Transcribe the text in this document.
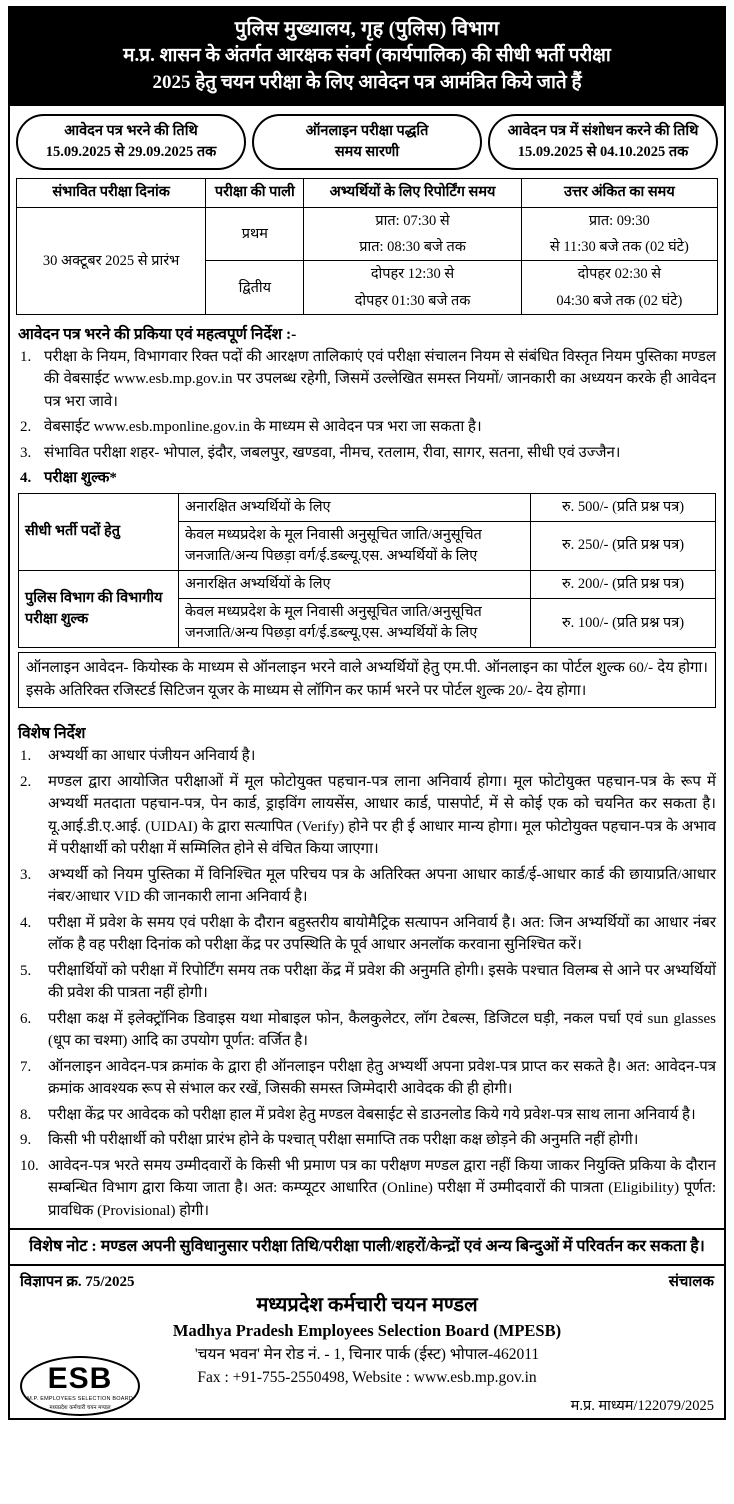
पुलिस मुख्यालय, गृह (पुलिस) विभाग
म.प्र. शासन के अंतर्गत आरक्षक संवर्ग (कार्यपालिक) की सीधी भर्ती परीक्षा
2025 हेतु चयन परीक्षा के लिए आवेदन पत्र आमंत्रित किये जाते हैं
आवेदन पत्र भरने की तिथि
15.09.2025 से 29.09.2025 तक
ऑनलाइन परीक्षा पद्धति
समय सारणी
आवेदन पत्र में संशोधन करने की तिथि
15.09.2025 से 04.10.2025 तक
संभावित परीक्षा दिनांक	परीक्षा की पाली	अभ्यर्थियों के लिए रिपोर्टिंग समय	उत्तर अंकित का समय
30 अक्टूबर 2025 से प्रारंभ	प्रथम	प्रात: 07:30 से	प्रात: 09:30
		प्रात: 08:30 बजे तक	से 11:30 बजे तक (02 घंटे)
	द्वितीय	दोपहर 12:30 से	दोपहर 02:30 से
		दोपहर 01:30 बजे तक	04:30 बजे तक (02 घंटे)
आवेदन पत्र भरने की प्रकिया एवं महत्वपूर्ण निर्देश :-
परीक्षा के नियम, विभागवार रिक्त पदों की आरक्षण तालिकाएं एवं परीक्षा संचालन नियम से संबंधित विस्तृत नियम पुस्तिका मण्डल की वेबसाईट www.esb.mp.gov.in पर उपलब्ध रहेगी, जिसमें उल्लेखित समस्त नियमों/ जानकारी का अध्ययन करके ही आवेदन पत्र भरा जावे।
वेबसाईट www.esb.mponline.gov.in के माध्यम से आवेदन पत्र भरा जा सकता है।
संभावित परीक्षा शहर- भोपाल, इंदौर, जबलपुर, खण्डवा, नीमच, रतलाम, रीवा, सागर, सतना, सीधी एवं उज्जैन।
परीक्षा शुल्क*
सीधी भर्ती पदों हेतु	अनारक्षित अभ्यर्थियों के लिए	रु. 500/- (प्रति प्रश्न पत्र)
	केवल मध्यप्रदेश के मूल निवासी अनुसूचित जाति/अनुसूचित जनजाति/अन्य पिछड़ा वर्ग/ई.डब्ल्यू.एस. अभ्यर्थियों के लिए	रु. 250/- (प्रति प्रश्न पत्र)
पुलिस विभाग की विभागीय परीक्षा शुल्क	अनारक्षित अभ्यर्थियों के लिए	रु. 200/- (प्रति प्रश्न पत्र)
	केवल मध्यप्रदेश के मूल निवासी अनुसूचित जाति/अनुसूचित जनजाति/अन्य पिछड़ा वर्ग/ई.डब्ल्यू.एस. अभ्यर्थियों के लिए	रु. 100/- (प्रति प्रश्न पत्र)
ऑनलाइन आवेदन- कियोस्क के माध्यम से ऑनलाइन भरने वाले अभ्यर्थियों हेतु एम.पी. ऑनलाइन का पोर्टल शुल्क 60/- देय होगा। इसके अतिरिक्त रजिस्टर्ड सिटिजन यूजर के माध्यम से लॉगिन कर फार्म भरने पर पोर्टल शुल्क 20/- देय होगा।
विशेष निर्देश
अभ्यर्थी का आधार पंजीयन अनिवार्य है।
मण्डल द्वारा आयोजित परीक्षाओं में मूल फोटोयुक्त पहचान-पत्र लाना अनिवार्य होगा। मूल फोटोयुक्त पहचान-पत्र के रूप में अभ्यर्थी मतदाता पहचान-पत्र, पेन कार्ड, ड्राइविंग लायसेंस, आधार कार्ड, पासपोर्ट, में से कोई एक को चयनित कर सकता है। यू.आई.डी.ए.आई. (UIDAI) के द्वारा सत्यापित (Verify) होने पर ही ई आधार मान्य होगा। मूल फोटोयुक्त पहचान-पत्र के अभाव में परीक्षार्थी को परीक्षा में सम्मिलित होने से वंचित किया जाएगा।
अभ्यर्थी को नियम पुस्तिका में विनिश्चित मूल परिचय पत्र के अतिरिक्त अपना आधार कार्ड/ई-आधार कार्ड की छायाप्रति/आधार नंबर/आधार VID की जानकारी लाना अनिवार्य है।
परीक्षा में प्रवेश के समय एवं परीक्षा के दौरान बहुस्तरीय बायोमैट्रिक सत्यापन अनिवार्य है। अत: जिन अभ्यर्थियों का आधार नंबर लॉक है वह परीक्षा दिनांक को परीक्षा केंद्र पर उपस्थिति के पूर्व आधार अनलॉक करवाना सुनिश्चित करें।
परीक्षार्थियों को परीक्षा में रिपोर्टिंग समय तक परीक्षा केंद्र में प्रवेश की अनुमति होगी। इसके पश्चात विलम्ब से आने पर अभ्यर्थियों की प्रवेश की पात्रता नहीं होगी।
परीक्षा कक्ष में इलेक्ट्रॉनिक डिवाइस यथा मोबाइल फोन, कैलकुलेटर, लॉग टेबल्स, डिजिटल घड़ी, नकल पर्चा एवं sun glasses (धूप का चश्मा) आदि का उपयोग पूर्णत: वर्जित है।
ऑनलाइन आवेदन-पत्र क्रमांक के द्वारा ही ऑनलाइन परीक्षा हेतु अभ्यर्थी अपना प्रवेश-पत्र प्राप्त कर सकते है। अत: आवेदन-पत्र क्रमांक आवश्यक रूप से संभाल कर रखें, जिसकी समस्त जिम्मेदारी आवेदक की ही होगी।
परीक्षा केंद्र पर आवेदक को परीक्षा हाल में प्रवेश हेतु मण्डल वेबसाईट से डाउनलोड किये गये प्रवेश-पत्र साथ लाना अनिवार्य है।
किसी भी परीक्षार्थी को परीक्षा प्रारंभ होने के पश्चात् परीक्षा समाप्ति तक परीक्षा कक्ष छोड़ने की अनुमति नहीं होगी।
आवेदन-पत्र भरते समय उम्मीदवारों के किसी भी प्रमाण पत्र का परीक्षण मण्डल द्वारा नहीं किया जाकर नियुक्ति प्रकिया के दौरान सम्बन्धित विभाग द्वारा किया जाता है। अत: कम्प्यूटर आधारित (Online) परीक्षा में उम्मीदवारों की पात्रता (Eligibility) पूर्णत: प्रावधिक (Provisional) होगी।
विशेष नोट : मण्डल अपनी सुविधानुसार परीक्षा तिथि/परीक्षा पाली/शहरों/केन्द्रों एवं अन्य बिन्दुओं में परिवर्तन कर सकता है।
विज्ञापन क्र. 75/2025	संचालक
ESB
M.P. EMPLOYEES SELECTION BOARD
मध्यप्रदेश कर्मचारी चयन मण्डल
मध्यप्रदेश कर्मचारी चयन मण्डल
Madhya Pradesh Employees Selection Board (MPESB)
'चयन भवन' मेन रोड नं. - 1, चिनार पार्क (ईस्ट) भोपाल-462011
Fax : +91-755-2550498, Website : www.esb.mp.gov.in
म.प्र. माध्यम/122079/2025
